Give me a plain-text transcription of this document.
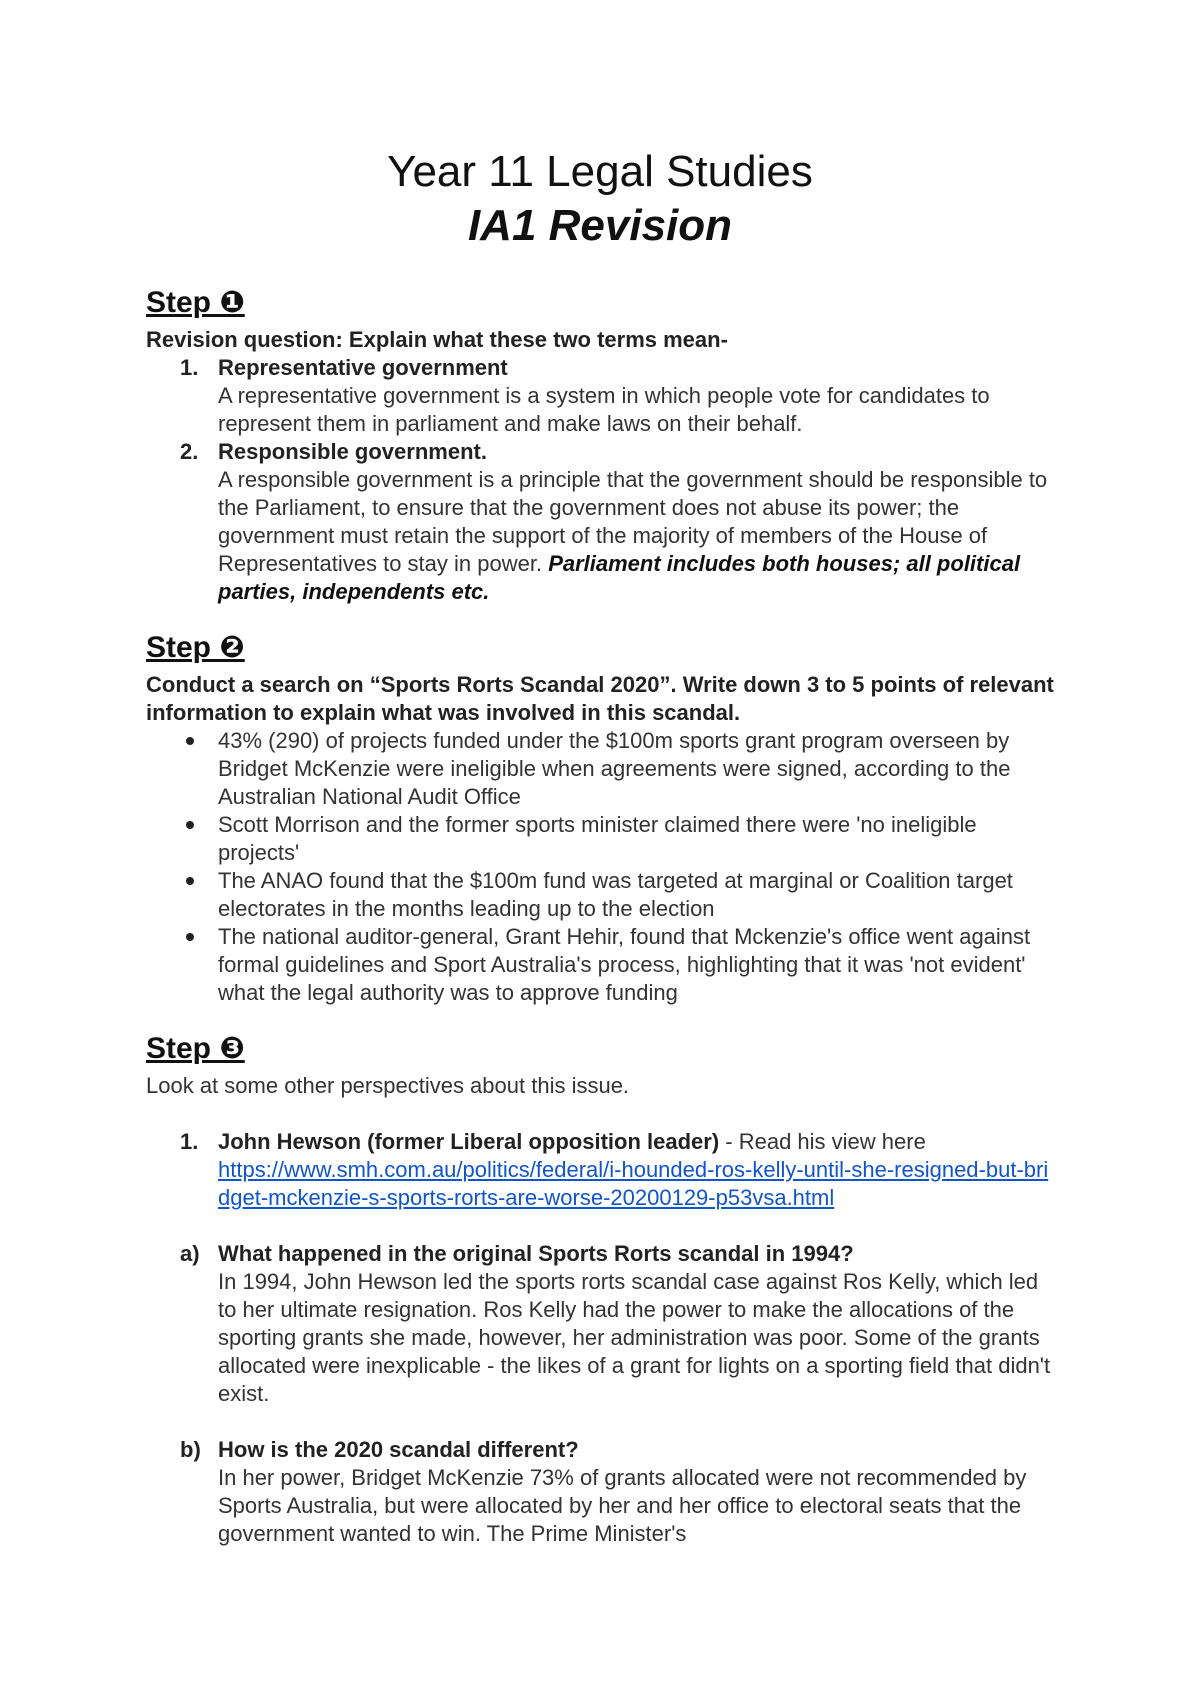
Year 11 Legal Studies
IA1 Revision
Step ❶
Revision question: Explain what these two terms mean-
1. Representative government
A representative government is a system in which people vote for candidates to represent them in parliament and make laws on their behalf.
2. Responsible government.
A responsible government is a principle that the government should be responsible to the Parliament, to ensure that the government does not abuse its power; the government must retain the support of the majority of members of the House of Representatives to stay in power. Parliament includes both houses; all political parties, independents etc.
Step ❷
Conduct a search on “Sports Rorts Scandal 2020”. Write down 3 to 5 points of relevant information to explain what was involved in this scandal.
43% (290) of projects funded under the $100m sports grant program overseen by Bridget McKenzie were ineligible when agreements were signed, according to the Australian National Audit Office
Scott Morrison and the former sports minister claimed there were 'no ineligible projects'
The ANAO found that the $100m fund was targeted at marginal or Coalition target electorates in the months leading up to the election
The national auditor-general, Grant Hehir, found that Mckenzie's office went against formal guidelines and Sport Australia's process, highlighting that it was 'not evident' what the legal authority was to approve funding
Step ❸
Look at some other perspectives about this issue.
1. John Hewson (former Liberal opposition leader) - Read his view here
https://www.smh.com.au/politics/federal/i-hounded-ros-kelly-until-she-resigned-but-bridget-mckenzie-s-sports-rorts-are-worse-20200129-p53vsa.html
a) What happened in the original Sports Rorts scandal in 1994?
In 1994, John Hewson led the sports rorts scandal case against Ros Kelly, which led to her ultimate resignation. Ros Kelly had the power to make the allocations of the sporting grants she made, however, her administration was poor. Some of the grants allocated were inexplicable - the likes of a grant for lights on a sporting field that didn't exist.
b) How is the 2020 scandal different?
In her power, Bridget McKenzie 73% of grants allocated were not recommended by Sports Australia, but were allocated by her and her office to electoral seats that the government wanted to win. The Prime Minister's
